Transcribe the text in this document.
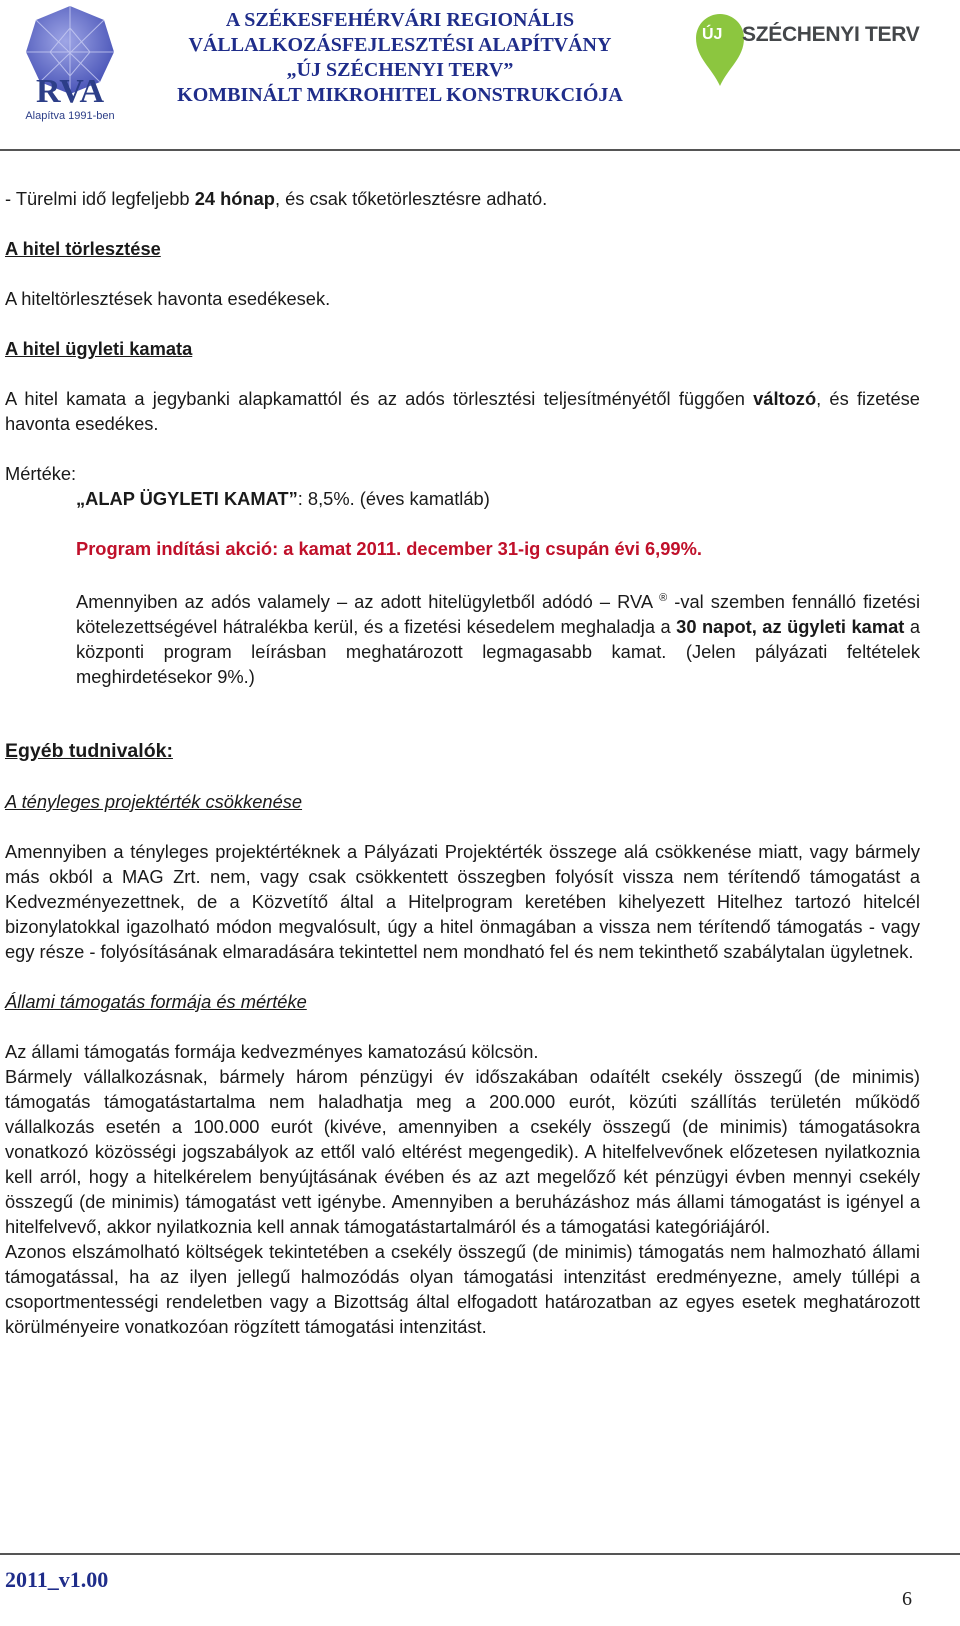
RVA
Alapítva 1991-ben
A SZÉKESFEHÉRVÁRI REGIONÁLIS
VÁLLALKOZÁSFEJLESZTÉSI ALAPÍTVÁNY
„ÚJ SZÉCHENYI TERV”
KOMBINÁLT MIKROHITEL KONSTRUKCIÓJA
ÚJ SZÉCHENYI TERV

- Türelmi idő legfeljebb 24 hónap, és csak tőketörlesztésre adható.

A hitel törlesztése

A hiteltörlesztések havonta esedékesek.

A hitel ügyleti kamata

A hitel kamata a jegybanki alapkamattól és az adós törlesztési teljesítményétől függően változó, és fizetése havonta esedékes.

Mértéke:

„ALAP ÜGYLETI KAMAT”: 8,5%. (éves kamatláb)

Program indítási akció: a kamat 2011. december 31-ig csupán évi 6,99%.

Amennyiben az adós valamely – az adott hitelügyletből adódó – RVA ® -val szemben fennálló fizetési kötelezettségével hátralékba kerül, és a fizetési késedelem meghaladja a 30 napot, az ügyleti kamat a központi program leírásban meghatározott legmagasabb kamat. (Jelen pályázati feltételek meghirdetésekor 9%.)

Egyéb tudnivalók:

A tényleges projektérték csökkenése

Amennyiben a tényleges projektértéknek a Pályázati Projektérték összege alá csökkenése miatt, vagy bármely más okból a MAG Zrt. nem, vagy csak csökkentett összegben folyósít vissza nem térítendő támogatást a Kedvezményezettnek, de a Közvetítő által a Hitelprogram keretében kihelyezett Hitelhez tartozó hitelcél bizonylatokkal igazolható módon megvalósult, úgy a hitel önmagában a vissza nem térítendő támogatás - vagy egy része - folyósításának elmaradására tekintettel nem mondható fel és nem tekinthető szabálytalan ügyletnek.

Állami támogatás formája és mértéke

Az állami támogatás formája kedvezményes kamatozású kölcsön.

Bármely vállalkozásnak, bármely három pénzügyi év időszakában odaítélt csekély összegű (de minimis) támogatás támogatástartalma nem haladhatja meg a 200.000 eurót, közúti szállítás területén működő vállalkozás esetén a 100.000 eurót (kivéve, amennyiben a csekély összegű (de minimis) támogatásokra vonatkozó közösségi jogszabályok az ettől való eltérést megengedik). A hitelfelvevőnek előzetesen nyilatkoznia kell arról, hogy a hitelkérelem benyújtásának évében és az azt megelőző két pénzügyi évben mennyi csekély összegű (de minimis) támogatást vett igénybe. Amennyiben a beruházáshoz más állami támogatást is igényel a hitelfelvevő, akkor nyilatkoznia kell annak támogatástartalmáról és a támogatási kategóriájáról.

Azonos elszámolható költségek tekintetében a csekély összegű (de minimis) támogatás nem halmozható állami támogatással, ha az ilyen jellegű halmozódás olyan támogatási intenzitást eredményezne, amely túllépi a csoportmentességi rendeletben vagy a Bizottság által elfogadott határozatban az egyes esetek meghatározott körülményeire vonatkozóan rögzített támogatási intenzitást.

2011_v1.00
6
